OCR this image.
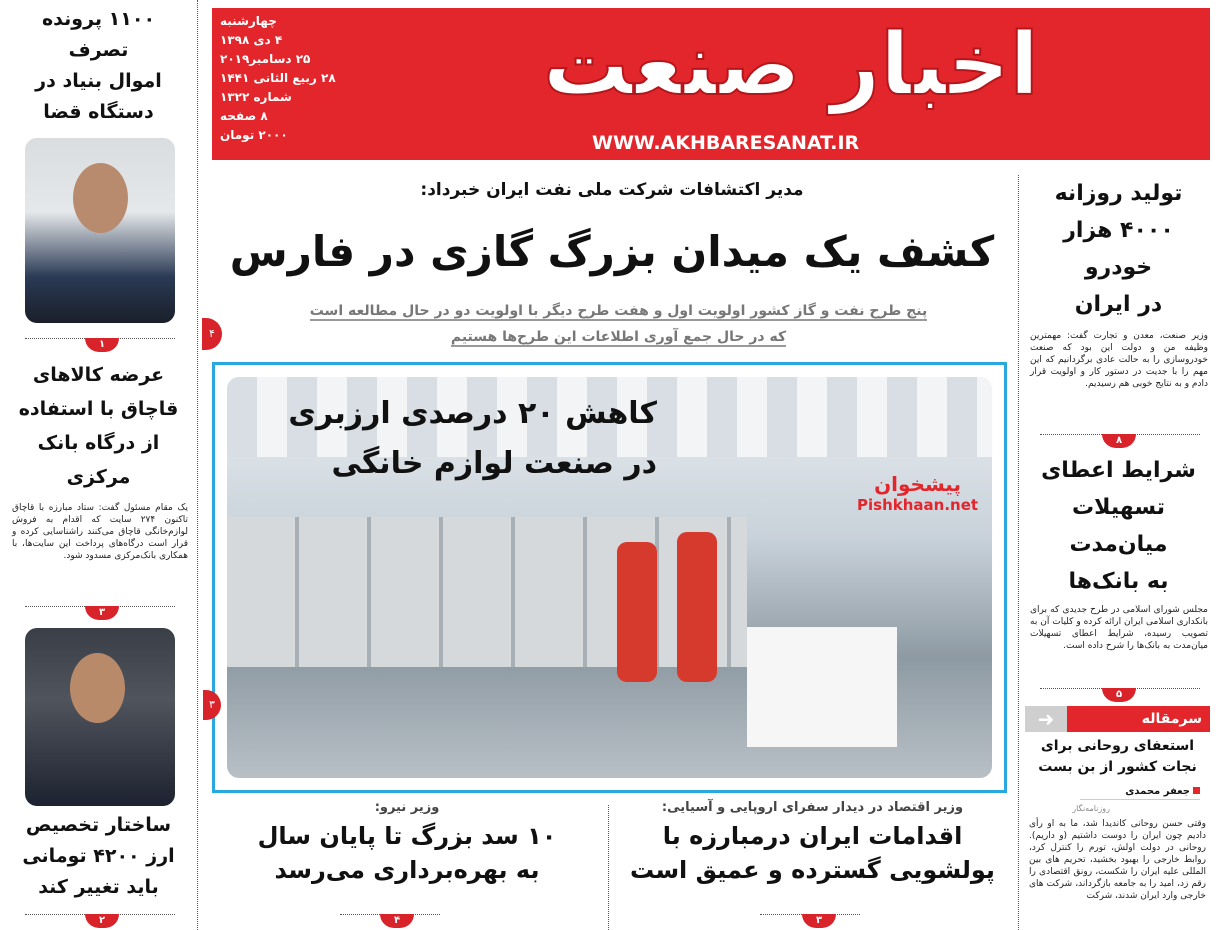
اخبار صنعت
WWW.AKHBARESANAT.IR
چهارشنبه
۴ دی ۱۳۹۸
۲۵ دسامبر۲۰۱۹
۲۸ ربیع الثانی ۱۴۴۱
شماره ۱۳۲۲
۸ صفحه
۲۰۰۰ تومان
مدیر اکتشافات شرکت ملی نفت ایران خبرداد:
کشف یک میدان بزرگ گازی در فارس
پنج طرح نفت و گاز کشور اولویت اول و هفت طرح دیگر با اولویت دو در حال مطالعه است
که در حال جمع آوری اطلاعات این طرح‌ها هستیم
۴
کاهش ۲۰ درصدی ارزبری
در صنعت لوازم خانگی
پیشخوان
Pishkhaan.net
۳
وزیر اقتصاد در دیدار سفرای اروپایی و آسیایی:
اقدامات ایران درمبارزه با
پولشویی گسترده و عمیق است
۳
وزیر نیرو:
۱۰ سد بزرگ تا پایان سال
به بهره‌برداری می‌رسد
۴
۱۱۰۰ پرونده
تصرف
اموال بنیاد در
دستگاه قضا
۱
عرضه کالاهای
قاچاق با استفاده
از درگاه بانک
مرکزی
یک مقام مسئول گفت: ستاد مبارزه با قاچاق تاکنون ۲۷۴ سایت که اقدام به فروش لوازم‌خانگی قاچاق می‌کنند راشناسایی کرده و قرار است درگاه‌های پرداخت این سایت‌ها، با همکاری بانک‌مرکزی مسدود شود.
۳
ساختار تخصیص
ارز ۴۲۰۰ تومانی
باید تغییر کند
۲
تولید روزانه
۴۰۰۰ هزار
خودرو
در ایران
وزیر صنعت، معدن و تجارت گفت: مهمترین وظیفه من و دولت این بود که صنعت خودروسازی را به حالت عادی برگردانیم که این مهم را با جدیت در دستور کار و اولویت قرار دادم و به نتایج خوبی هم رسیدیم.
۸
شرایط اعطای
تسهیلات
میان‌مدت
به بانک‌ها
مجلس شورای اسلامی در طرح جدیدی که برای بانکداری اسلامی ایران ارائه کرده و کلیات آن به تصویب رسیده، شرایط اعطای تسهیلات میان‌مدت به بانک‌ها را شرح داده است.
۵
➜	سرمقاله
استعفای روحانی برای
نجات کشور از بن بست
جعفر محمدی
روزنامه‌نگار
وقتی حسن روحانی کاندیدا شد، ما به او رأی دادیم چون ایران را دوست داشتیم (و داریم). روحانی در دولت اولش، تورم را کنترل کرد، روابط خارجی را بهبود بخشید، تحریم های بین المللی علیه ایران را شکست، رونق اقتصادی را رقم زد، امید را به جامعه بازگرداند، شرکت های خارجی وارد ایران شدند، شرکت
